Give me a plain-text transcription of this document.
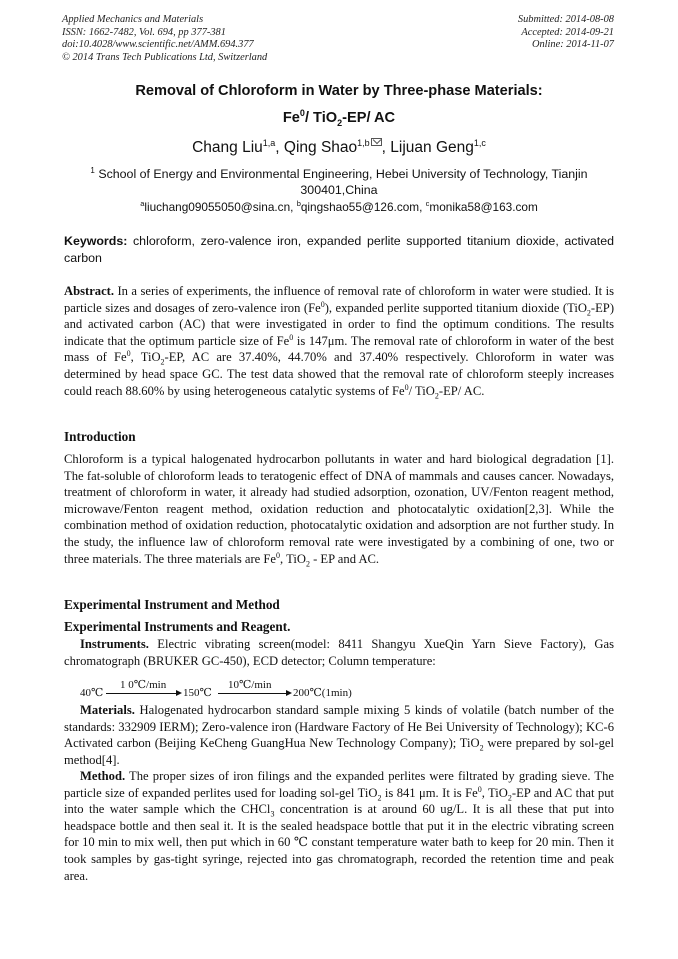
Applied Mechanics and Materials
ISSN: 1662-7482, Vol. 694, pp 377-381
doi:10.4028/www.scientific.net/AMM.694.377
© 2014 Trans Tech Publications Ltd, Switzerland
Submitted: 2014-08-08
Accepted: 2014-09-21
Online: 2014-11-07
Removal of Chloroform in Water by Three-phase Materials:
Fe$^0$/ TiO$_2$-EP/ AC
Chang Liu$^{1,a}$, Qing Shao$^{1,b}$ , Lijuan Geng$^{1,c}$
$^1$ School of Energy and Environmental Engineering, Hebei University of Technology, Tianjin 300401,China
$^a$liuchang09055050@sina.cn, $^b$qingshao55@126.com, $^c$monika58@163.com
Keywords: chloroform, zero-valence iron, expanded perlite supported titanium dioxide, activated carbon
Abstract. In a series of experiments, the influence of removal rate of chloroform in water were studied. It is particle sizes and dosages of zero-valence iron (Fe$^0$), expanded perlite supported titanium dioxide (TiO$_2$-EP) and activated carbon (AC) that were investigated in order to find the optimum conditions. The results indicate that the optimum particle size of Fe$^0$ is 147μm. The removal rate of chloroform in water of the best mass of Fe$^0$, TiO$_2$-EP, AC are 37.40%, 44.70% and 37.40% respectively. Chloroform in water was determined by head space GC. The test data showed that the removal rate of chloroform steeply increases could reach 88.60% by using heterogeneous catalytic systems of Fe$^0$/ TiO$_2$-EP/ AC.
Introduction
Chloroform is a typical halogenated hydrocarbon pollutants in water and hard biological degradation [1]. The fat-soluble of chloroform leads to teratogenic effect of DNA of mammals and causes cancer. Nowadays, treatment of chloroform in water, it already had studied adsorption, ozonation, UV/Fenton reagent method, microwave/Fenton reagent method, oxidation reduction and photocatalytic oxidation[2,3]. While the combination method of oxidation reduction, photocatalytic oxidation and adsorption are not further study. In the study, the influence law of chloroform removal rate were investigated by a combining of one, two or three materials. The three materials are Fe$^0$, TiO$_2$ - EP and AC.
Experimental Instrument and Method
Experimental Instruments and Reagent.
Instruments. Electric vibrating screen(model: 8411 Shangyu XueQin Yarn Sieve Factory), Gas chromatograph (BRUKER GC-450), ECD detector; Column temperature:
40℃
1 0℃/min
150℃
10℃/min
200℃(1min)
Materials. Halogenated hydrocarbon standard sample mixing 5 kinds of volatile (batch number of the standards: 332909 IERM); Zero-valence iron (Hardware Factory of He Bei University of Technology); KC-6 Activated carbon (Beijing KeCheng GuangHua New Technology Company); TiO$_2$ were prepared by sol-gel method[4].
Method. The proper sizes of iron filings and the expanded perlites were filtrated by grading sieve. The particle size of expanded perlites used for loading sol-gel TiO$_2$ is 841 μm. It is Fe$^0$, TiO$_2$-EP and AC that put into the water sample which the CHCl$_3$ concentration is at around 60 ug/L. It is all these that put into headspace bottle and then seal it. It is the sealed headspace bottle that put it in the electric vibrating screen for 10 min to mix well, then put which in 60 ℃ constant temperature water bath to keep for 20 min. Then it took samples by gas-tight syringe, rejected into gas chromatograph, recorded the retention time and peak area.
